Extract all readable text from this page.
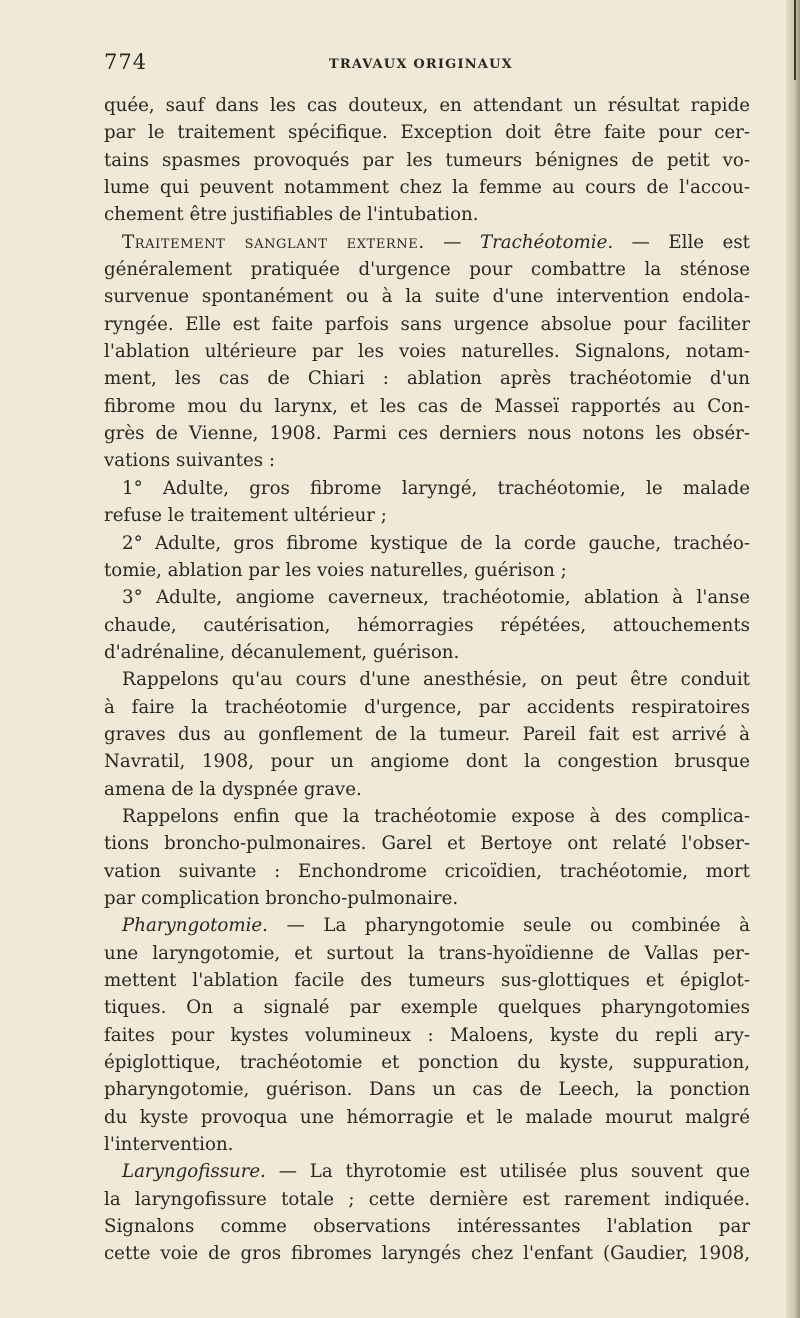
774	TRAVAUX ORIGINAUX
quée, sauf dans les cas douteux, en attendant un résultat rapide
par le traitement spécifique. Exception doit être faite pour cer-
tains spasmes provoqués par les tumeurs bénignes de petit vo-
lume qui peuvent notamment chez la femme au cours de l'accou-
chement être justifiables de l'intubation.
Traitement sanglant externe. — Trachéotomie. — Elle est
généralement pratiquée d'urgence pour combattre la sténose
survenue spontanément ou à la suite d'une intervention endola-
ryngée. Elle est faite parfois sans urgence absolue pour faciliter
l'ablation ultérieure par les voies naturelles. Signalons, notam-
ment, les cas de Chiari : ablation après trachéotomie d'un
fibrome mou du larynx, et les cas de Masseï rapportés au Con-
grès de Vienne, 1908. Parmi ces derniers nous notons les obsér-
vations suivantes :
1° Adulte, gros fibrome laryngé, trachéotomie, le malade
refuse le traitement ultérieur ;
2° Adulte, gros fibrome kystique de la corde gauche, trachéo-
tomie, ablation par les voies naturelles, guérison ;
3° Adulte, angiome caverneux, trachéotomie, ablation à l'anse
chaude, cautérisation, hémorragies répétées, attouchements
d'adrénaline, décanulement, guérison.
Rappelons qu'au cours d'une anesthésie, on peut être conduit
à faire la trachéotomie d'urgence, par accidents respiratoires
graves dus au gonflement de la tumeur. Pareil fait est arrivé à
Navratil, 1908, pour un angiome dont la congestion brusque
amena de la dyspnée grave.
Rappelons enfin que la trachéotomie expose à des complica-
tions broncho-pulmonaires. Garel et Bertoye ont relaté l'obser-
vation suivante : Enchondrome cricoïdien, trachéotomie, mort
par complication broncho-pulmonaire.
Pharyngotomie. — La pharyngotomie seule ou combinée à
une laryngotomie, et surtout la trans-hyoïdienne de Vallas per-
mettent l'ablation facile des tumeurs sus-glottiques et épiglot-
tiques. On a signalé par exemple quelques pharyngotomies
faites pour kystes volumineux : Maloens, kyste du repli ary-
épiglottique, trachéotomie et ponction du kyste, suppuration,
pharyngotomie, guérison. Dans un cas de Leech, la ponction
du kyste provoqua une hémorragie et le malade mourut malgré
l'intervention.
Laryngofissure. — La thyrotomie est utilisée plus souvent que
la laryngofissure totale ; cette dernière est rarement indiquée.
Signalons comme observations intéressantes l'ablation par
cette voie de gros fibromes laryngés chez l'enfant (Gaudier, 1908,
